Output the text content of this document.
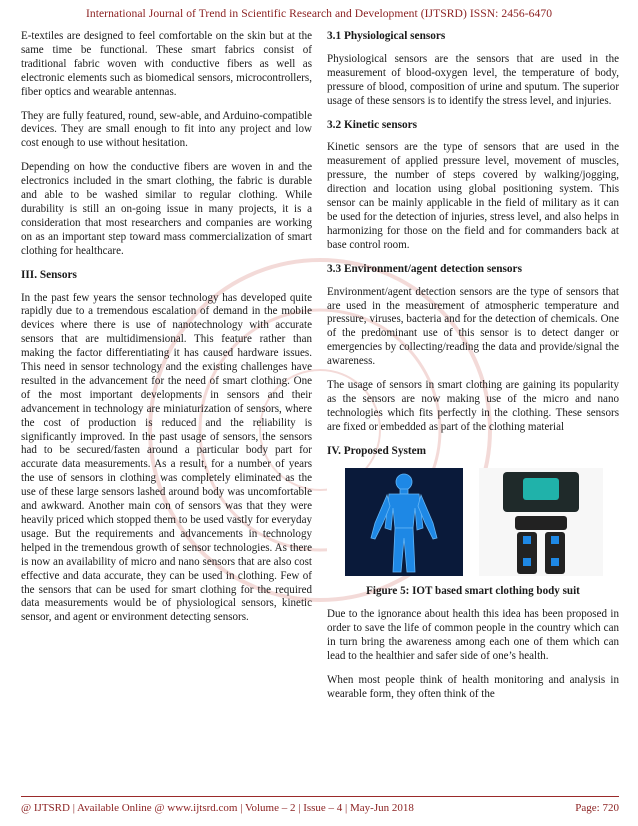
International Journal of Trend in Scientific Research and Development (IJTSRD) ISSN: 2456-6470

E-textiles are designed to feel comfortable on the skin but at the same time be functional. These smart fabrics consist of traditional fabric woven with conductive fibers as well as electronic elements such as biomedical sensors, microcontrollers, fiber optics and wearable antennas.

They are fully featured, round, sew-able, and Arduino-compatible devices. They are small enough to fit into any project and low cost enough to use without hesitation.

Depending on how the conductive fibers are woven in and the electronics included in the smart clothing, the fabric is durable and able to be washed similar to regular clothing. While durability is still an on-going issue in many projects, it is a consideration that most researchers and companies are working on as an important step toward mass commercialization of smart clothing for healthcare.

III. Sensors

In the past few years the sensor technology has developed quite rapidly due to a tremendous escalation of demand in the mobile devices where there is use of nanotechnology with accurate sensors that are multidimensional. This feature rather than making the factor differentiating it has caused hardware issues. This need in sensor technology and the existing challenges have resulted in the advancement for the need of smart clothing. One of the most important developments in sensors and their advancement in technology are miniaturization of sensors, where the cost of production is reduced and the reliability is significantly improved. In the past usage of sensors, the sensors had to be secured/fasten around a particular body part for accurate data measurements. As a result, for a number of years the use of sensors in clothing was completely eliminated as the use of these large sensors lashed around body was uncomfortable and awkward. Another main con of sensors was that they were heavily priced which stopped them to be used vastly for everyday usage. But the requirements and advancements in technology helped in the tremendous growth of sensor technologies. As there is now an availability of micro and nano sensors that are also cost effective and data accurate, they can be used in clothing. Few of the sensors that can be used for smart clothing for the required data measurements would be of physiological sensors, kinetic sensor, and agent or environment detecting sensors.

3.1 Physiological sensors

Physiological sensors are the sensors that are used in the measurement of blood-oxygen level, the temperature of body, pressure of blood, composition of urine and sputum. The superior usage of these sensors is to identify the stress level, and injuries.

3.2 Kinetic sensors

Kinetic sensors are the type of sensors that are used in the measurement of applied pressure level, movement of muscles, pressure, the number of steps covered by walking/jogging, direction and location using global positioning system. This sensor can be mainly applicable in the field of military as it can be used for the detection of injuries, stress level, and also helps in harmonizing for those on the field and for commanders back at base control room.

3.3 Environment/agent detection sensors

Environment/agent detection sensors are the type of sensors that are used in the measurement of atmospheric temperature and pressure, viruses, bacteria and for the detection of chemicals. One of the predominant use of this sensor is to detect danger or emergencies by collecting/reading the data and provide/signal the awareness.

The usage of sensors in smart clothing are gaining its popularity as the sensors are now making use of the micro and nano technologies which fits perfectly in the clothing. These sensors are fixed or embedded as part of the clothing material

IV. Proposed System
Figure 5: IOT based smart clothing body suit

Due to the ignorance about health this idea has been proposed in order to save the life of common people in the country which can in turn bring the awareness among each one of them which can lead to the healthier and safer side of one’s health.

When most people think of health monitoring and analysis in wearable form, they often think of the

@ IJTSRD | Available Online @ www.ijtsrd.com | Volume – 2 | Issue – 4 | May-Jun 2018	Page: 720
